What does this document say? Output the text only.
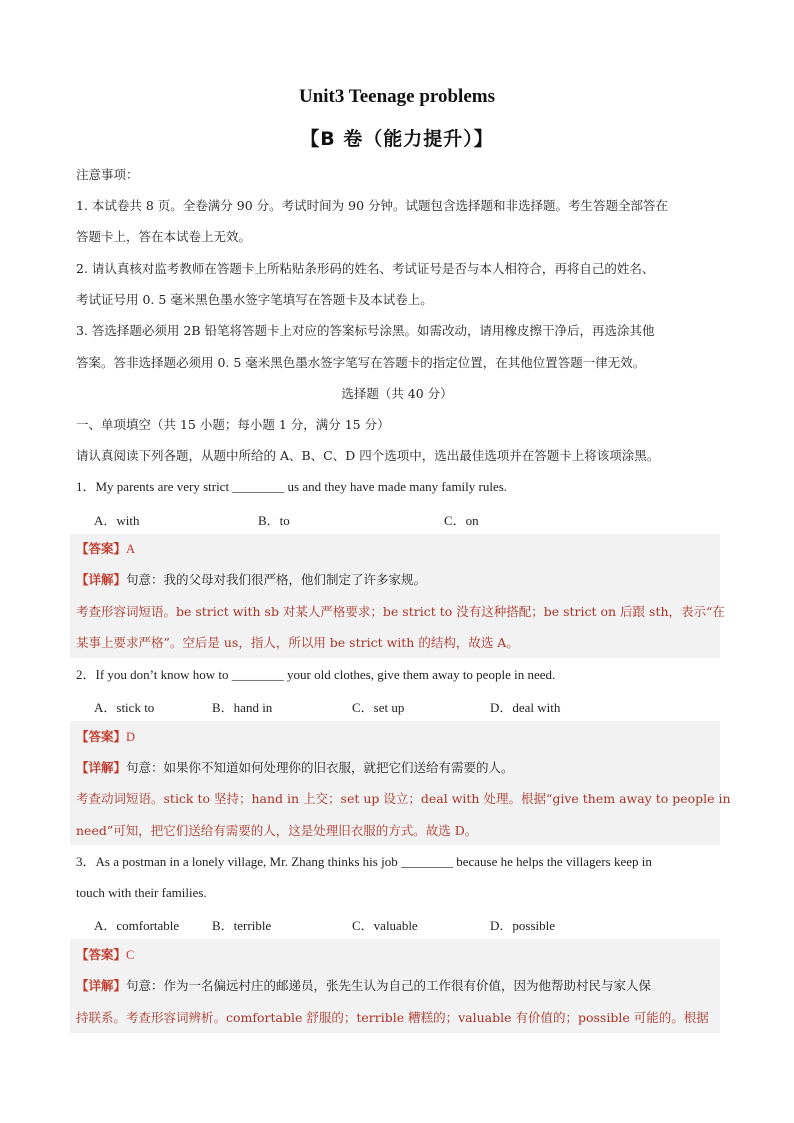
Unit3 Teenage problems
【B 卷（能力提升）】
注意事项：
1. 本试卷共 8 页。全卷满分 90 分。考试时间为 90 分钟。试题包含选择题和非选择题。考生答题全部答在
答题卡上，答在本试卷上无效。
2. 请认真核对监考教师在答题卡上所粘贴条形码的姓名、考试证号是否与本人相符合，再将自己的姓名、
考试证号用 0. 5 毫米黑色墨水签字笔填写在答题卡及本试卷上。
3. 答选择题必须用 2B 铅笔将答题卡上对应的答案标号涂黑。如需改动，请用橡皮擦干净后，再选涂其他
答案。答非选择题必须用 0. 5 毫米黑色墨水签字笔写在答题卡的指定位置，在其他位置答题一律无效。
选择题（共 40 分）
一、单项填空（共 15 小题；每小题 1 分，满分 15 分）
请认真阅读下列各题，从题中所给的 A、B、C、D 四个选项中，选出最佳选项并在答题卡上将该项涂黑。
1．My parents are very strict ________ us and they have made many family rules.
A．with	B．to	C．on
【答案】A
【详解】句意：我的父母对我们很严格，他们制定了许多家规。
考查形容词短语。be strict with sb 对某人严格要求；be strict to 没有这种搭配；be strict on 后跟 sth，表示“在
某事上要求严格”。空后是 us，指人，所以用 be strict with 的结构，故选 A。
2．If you don’t know how to ________ your old clothes, give them away to people in need.
A．stick to	B．hand in	C．set up	D．deal with
【答案】D
【详解】句意：如果你不知道如何处理你的旧衣服，就把它们送给有需要的人。
考查动词短语。stick to 坚持；hand in 上交；set up 设立；deal with 处理。根据“give them away to people in
need”可知，把它们送给有需要的人，这是处理旧衣服的方式。故选 D。
3．As a postman in a lonely village, Mr. Zhang thinks his job ________ because he helps the villagers keep in
touch with their families.
A．comfortable	B．terrible	C．valuable	D．possible
【答案】C
【详解】句意：作为一名偏远村庄的邮递员，张先生认为自己的工作很有价值，因为他帮助村民与家人保
持联系。考查形容词辨析。comfortable 舒服的；terrible 糟糕的；valuable 有价值的；possible 可能的。根据
